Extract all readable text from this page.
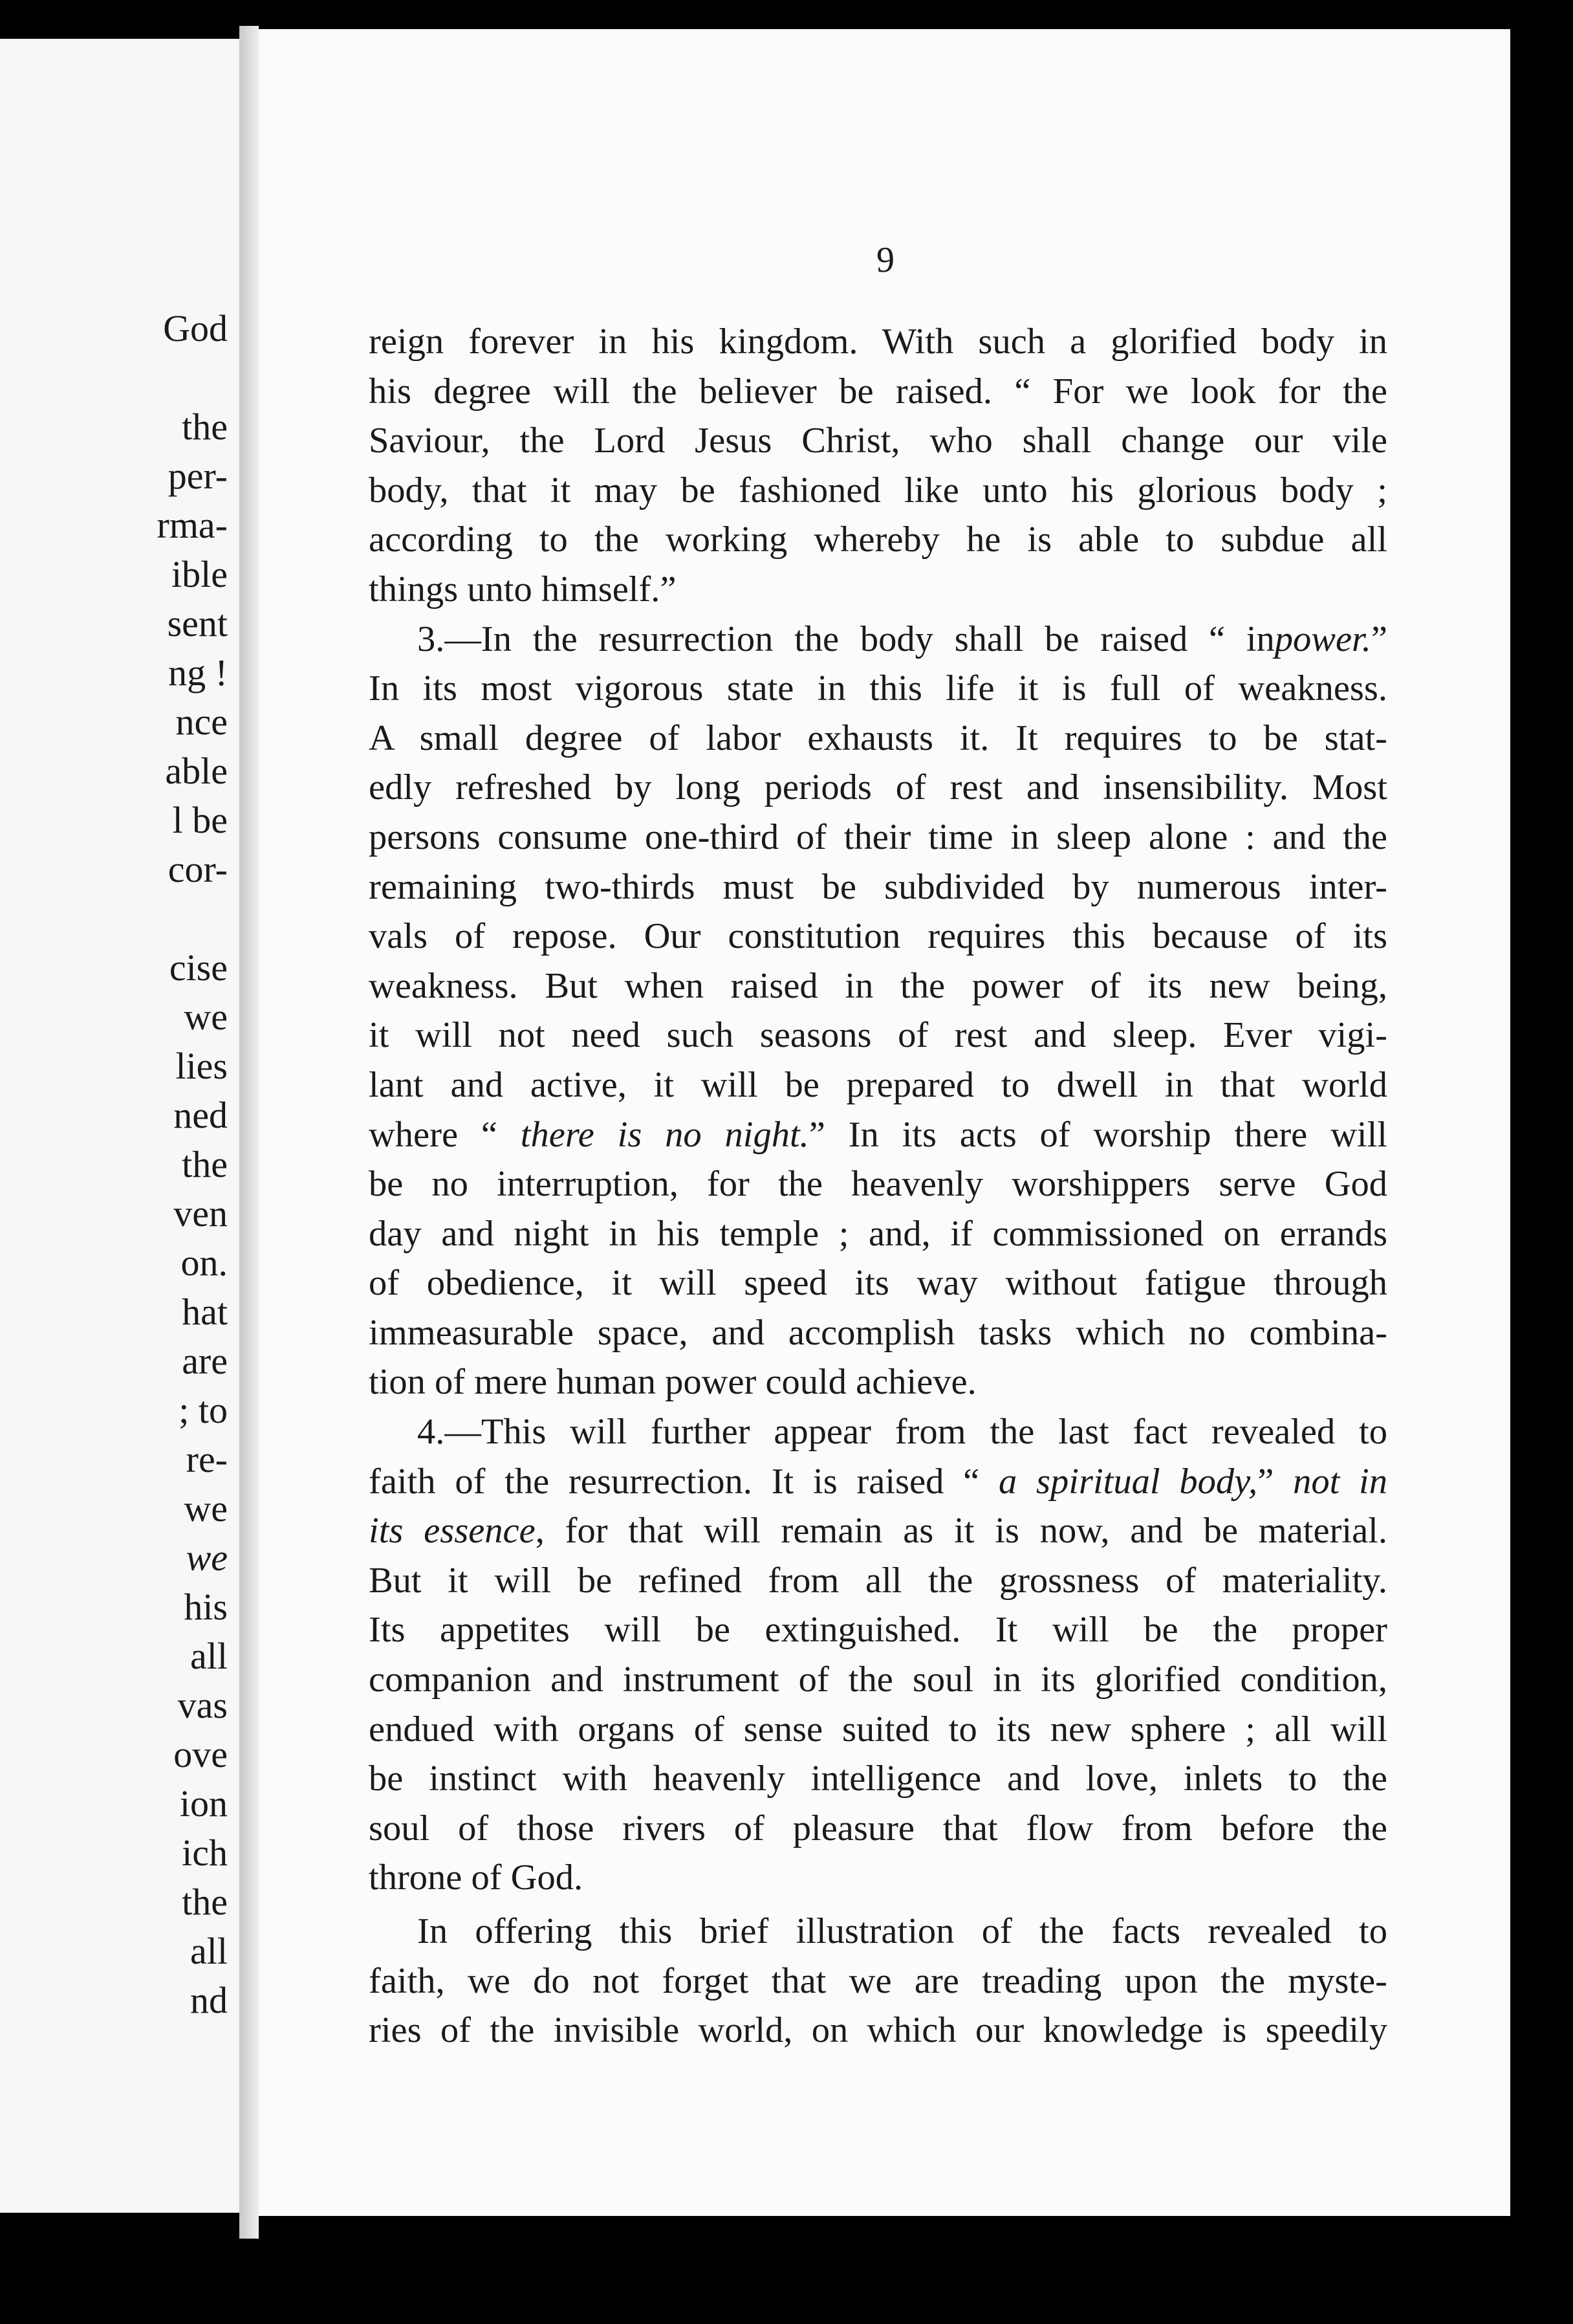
God
the
per-
rma-
ible
sent
ng !
nce
able
l be
cor-
cise
we
lies
ned
the
ven
on.
hat
are
; to
re-
we
we
his
all
vas
ove
ion
ich
the
all
nd
9
reign forever in his kingdom. With such a glorified body in
his degree will the believer be raised. “ For we look for the
Saviour, the Lord Jesus Christ, who shall change our vile
body, that it may be fashioned like unto his glorious body ;
according to the working whereby he is able to subdue all
things unto himself.”
3.—In the resurrection the body shall be raised “ inpower.”
In its most vigorous state in this life it is full of weakness.
A small degree of labor exhausts it. It requires to be stat-
edly refreshed by long periods of rest and insensibility. Most
persons consume one-third of their time in sleep alone : and the
remaining two-thirds must be subdivided by numerous inter-
vals of repose. Our constitution requires this because of its
weakness. But when raised in the power of its new being,
it will not need such seasons of rest and sleep. Ever vigi-
lant and active, it will be prepared to dwell in that world
where “ there is no night.” In its acts of worship there will
be no interruption, for the heavenly worshippers serve God
day and night in his temple ; and, if commissioned on errands
of obedience, it will speed its way without fatigue through
immeasurable space, and accomplish tasks which no combina-
tion of mere human power could achieve.
4.—This will further appear from the last fact revealed to
faith of the resurrection. It is raised “ a spiritual body,” not in
its essence, for that will remain as it is now, and be material.
But it will be refined from all the grossness of materiality.
Its appetites will be extinguished. It will be the proper
companion and instrument of the soul in its glorified condition,
endued with organs of sense suited to its new sphere ; all will
be instinct with heavenly intelligence and love, inlets to the
soul of those rivers of pleasure that flow from before the
throne of God.
In offering this brief illustration of the facts revealed to
faith, we do not forget that we are treading upon the myste-
ries of the invisible world, on which our knowledge is speedily
